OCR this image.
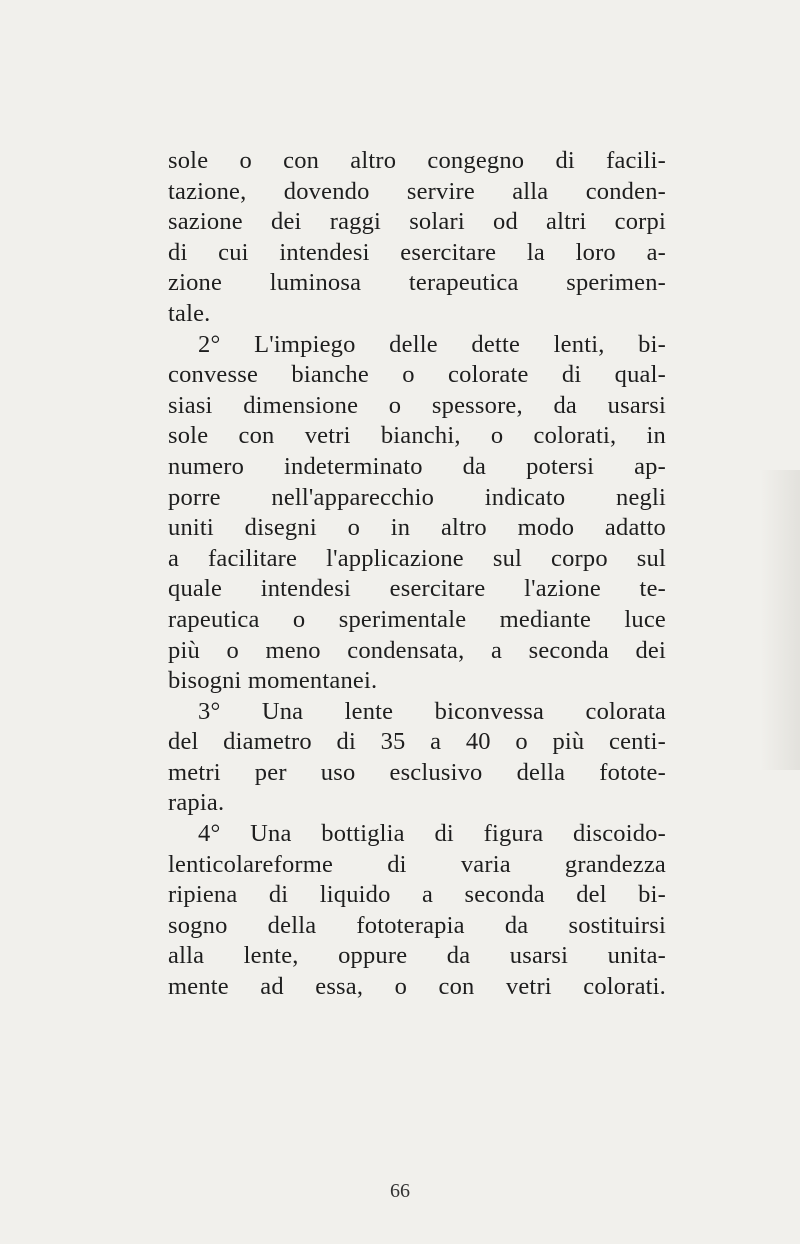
sole o con altro congegno di facili-
tazione, dovendo servire alla conden-
sazione dei raggi solari od altri corpi
di cui intendesi esercitare la loro a-
zione luminosa terapeutica sperimen-
tale.
2° L'impiego delle dette lenti, bi-
convesse bianche o colorate di qual-
siasi dimensione o spessore, da usarsi
sole con vetri bianchi, o colorati, in
numero indeterminato da potersi ap-
porre nell'apparecchio indicato negli
uniti disegni o in altro modo adatto
a facilitare l'applicazione sul corpo sul
quale intendesi esercitare l'azione te-
rapeutica o sperimentale mediante luce
più o meno condensata, a seconda dei
bisogni momentanei.
3° Una lente biconvessa colorata
del diametro di 35 a 40 o più centi-
metri per uso esclusivo della fotote-
rapia.
4° Una bottiglia di figura discoido-
lenticolareforme di varia grandezza
ripiena di liquido a seconda del bi-
sogno della fototerapia da sostituirsi
alla lente, oppure da usarsi unita-
mente ad essa, o con vetri colorati.
66
